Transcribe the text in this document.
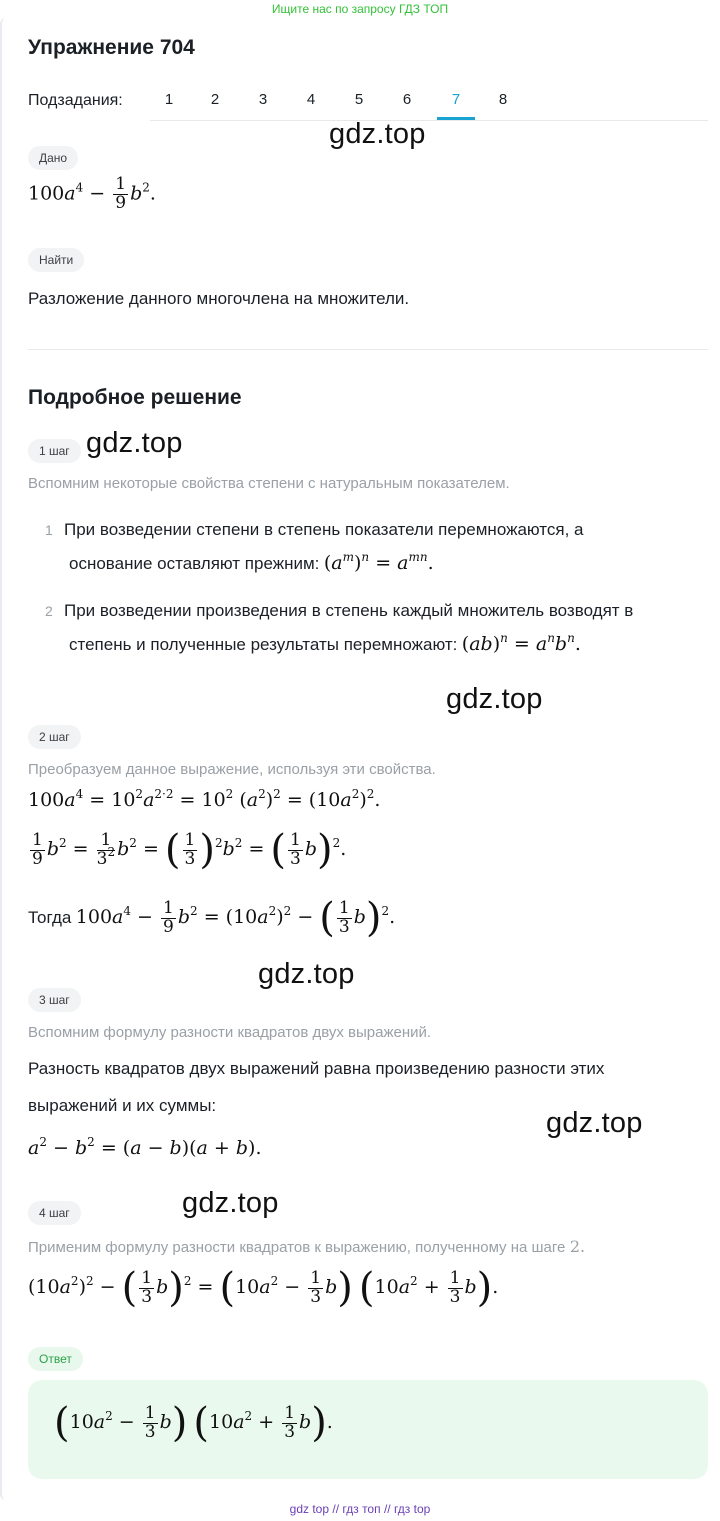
Ищите нас по запросу ГДЗ ТОП
Упражнение 704
Подзадания:	1	2	3	4	5	6	7	8
gdz.top
Дано
$100a^4 - \frac{1}{9} b^2$.
Найти
Разложение данного многочлена на множители.
Подробное решение
1 шаг gdz.top
Вспомним некоторые свойства степени с натуральным показателем.
1 При возведении степени в степень показатели перемножаются, а
основание оставляют прежним: $(a^m)^n = a^{mn}$.
2 При возведении произведения в степень каждый множитель возводят в
степень и полученные результаты перемножают: $(ab)^n = a^nb^n$.
gdz.top
2 шаг
Преобразуем данное выражение, используя эти свойства.
$100a^4 = 10^2a^{2\cdot 2} = 10^2$ $(a^2)^2 = (10a^2)^2$.
$\frac{1}{9} b^2 = \frac{1}{3^2} b^2$ = ( $\frac{1}{3} )^2b^2$ = ( $\frac{1}{3} b)^2$.
Тогда $100a^4 - \frac{1}{9} b^2 = (10a^2)^2$ − ( $\frac{1}{3} b)^2$.
gdz.top
3 шаг
Вспомним формулу разности квадратов двух выражений.
Разность квадратов двух выражений равна произведению разности этих
выражений и их суммы:
$a^2 - b^2 = (a - b)(a + b)$.
gdz.top
gdz.top
4 шаг
Применим формулу разности квадратов к выражению, полученному на шаге 2.
$(10a^2)^2$ − ( $\frac{1}{3} b)^2 = (10a^2 - \frac{1}{3} b)$ $(10a^2 + \frac{1}{3} b)$.
Ответ
$(10a^2 - \frac{1}{3} b) (10a^2 + \frac{1}{3} b)$.
gdz top // гдз топ // гдз top
